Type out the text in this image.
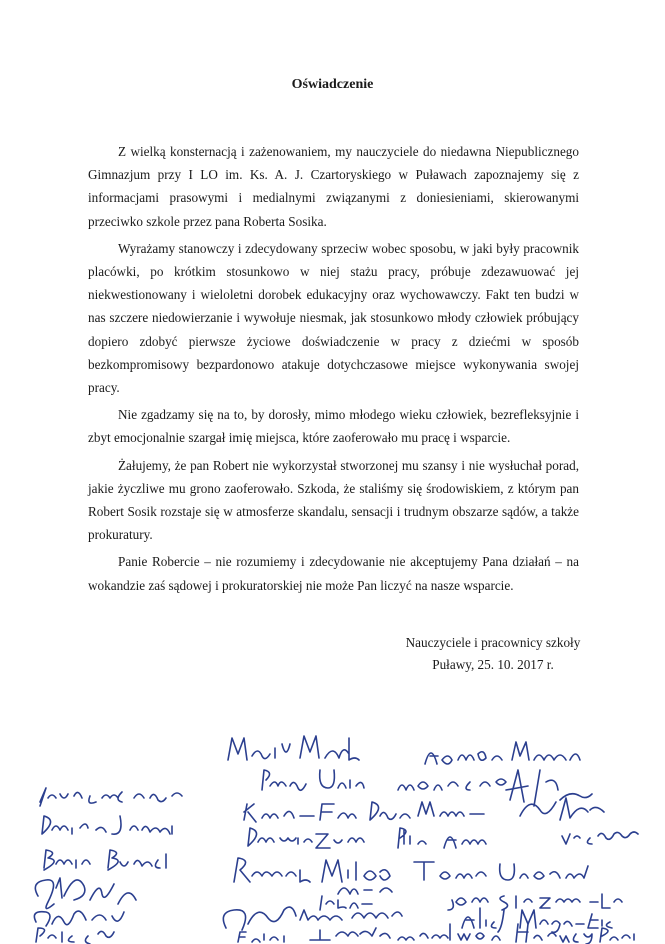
Oświadczenie

Z wielką konsternacją i zażenowaniem, my nauczyciele do niedawna Niepublicznego Gimnazjum przy I LO im. Ks. A. J. Czartoryskiego w Puławach zapoznajemy się z informacjami prasowymi i medialnymi związanymi z doniesieniami, skierowanymi przeciwko szkole przez pana Roberta Sosika.

Wyrażamy stanowczy i zdecydowany sprzeciw wobec sposobu, w jaki były pracownik placówki, po krótkim stosunkowo w niej stażu pracy, próbuje zdezawuować jej niekwestionowany i wieloletni dorobek edukacyjny oraz wychowawczy. Fakt ten budzi w nas szczere niedowierzanie i wywołuje niesmak, jak stosunkowo młody człowiek próbujący dopiero zdobyć pierwsze życiowe doświadczenie w pracy z dziećmi w sposób bezkompromisowy bezpardonowo atakuje dotychczasowe miejsce wykonywania swojej pracy.

Nie zgadzamy się na to, by dorosły, mimo młodego wieku człowiek, bezrefleksyjnie i zbyt emocjonalnie szargał imię miejsca, które zaoferowało mu pracę i wsparcie.

Żałujemy, że pan Robert nie wykorzystał stworzonej mu szansy i nie wysłuchał porad, jakie życzliwe mu grono zaoferowało. Szkoda, że staliśmy się środowiskiem, z którym pan Robert Sosik rozstaje się w atmosferze skandalu, sensacji i trudnym obszarze sądów, a także prokuratury.

Panie Robercie – nie rozumiemy i zdecydowanie nie akceptujemy Pana działań – na wokandzie zaś sądowej i prokuratorskiej nie może Pan liczyć na nasze wsparcie.

Nauczyciele i pracownicy szkoły
Puławy, 25. 10. 2017 r.
